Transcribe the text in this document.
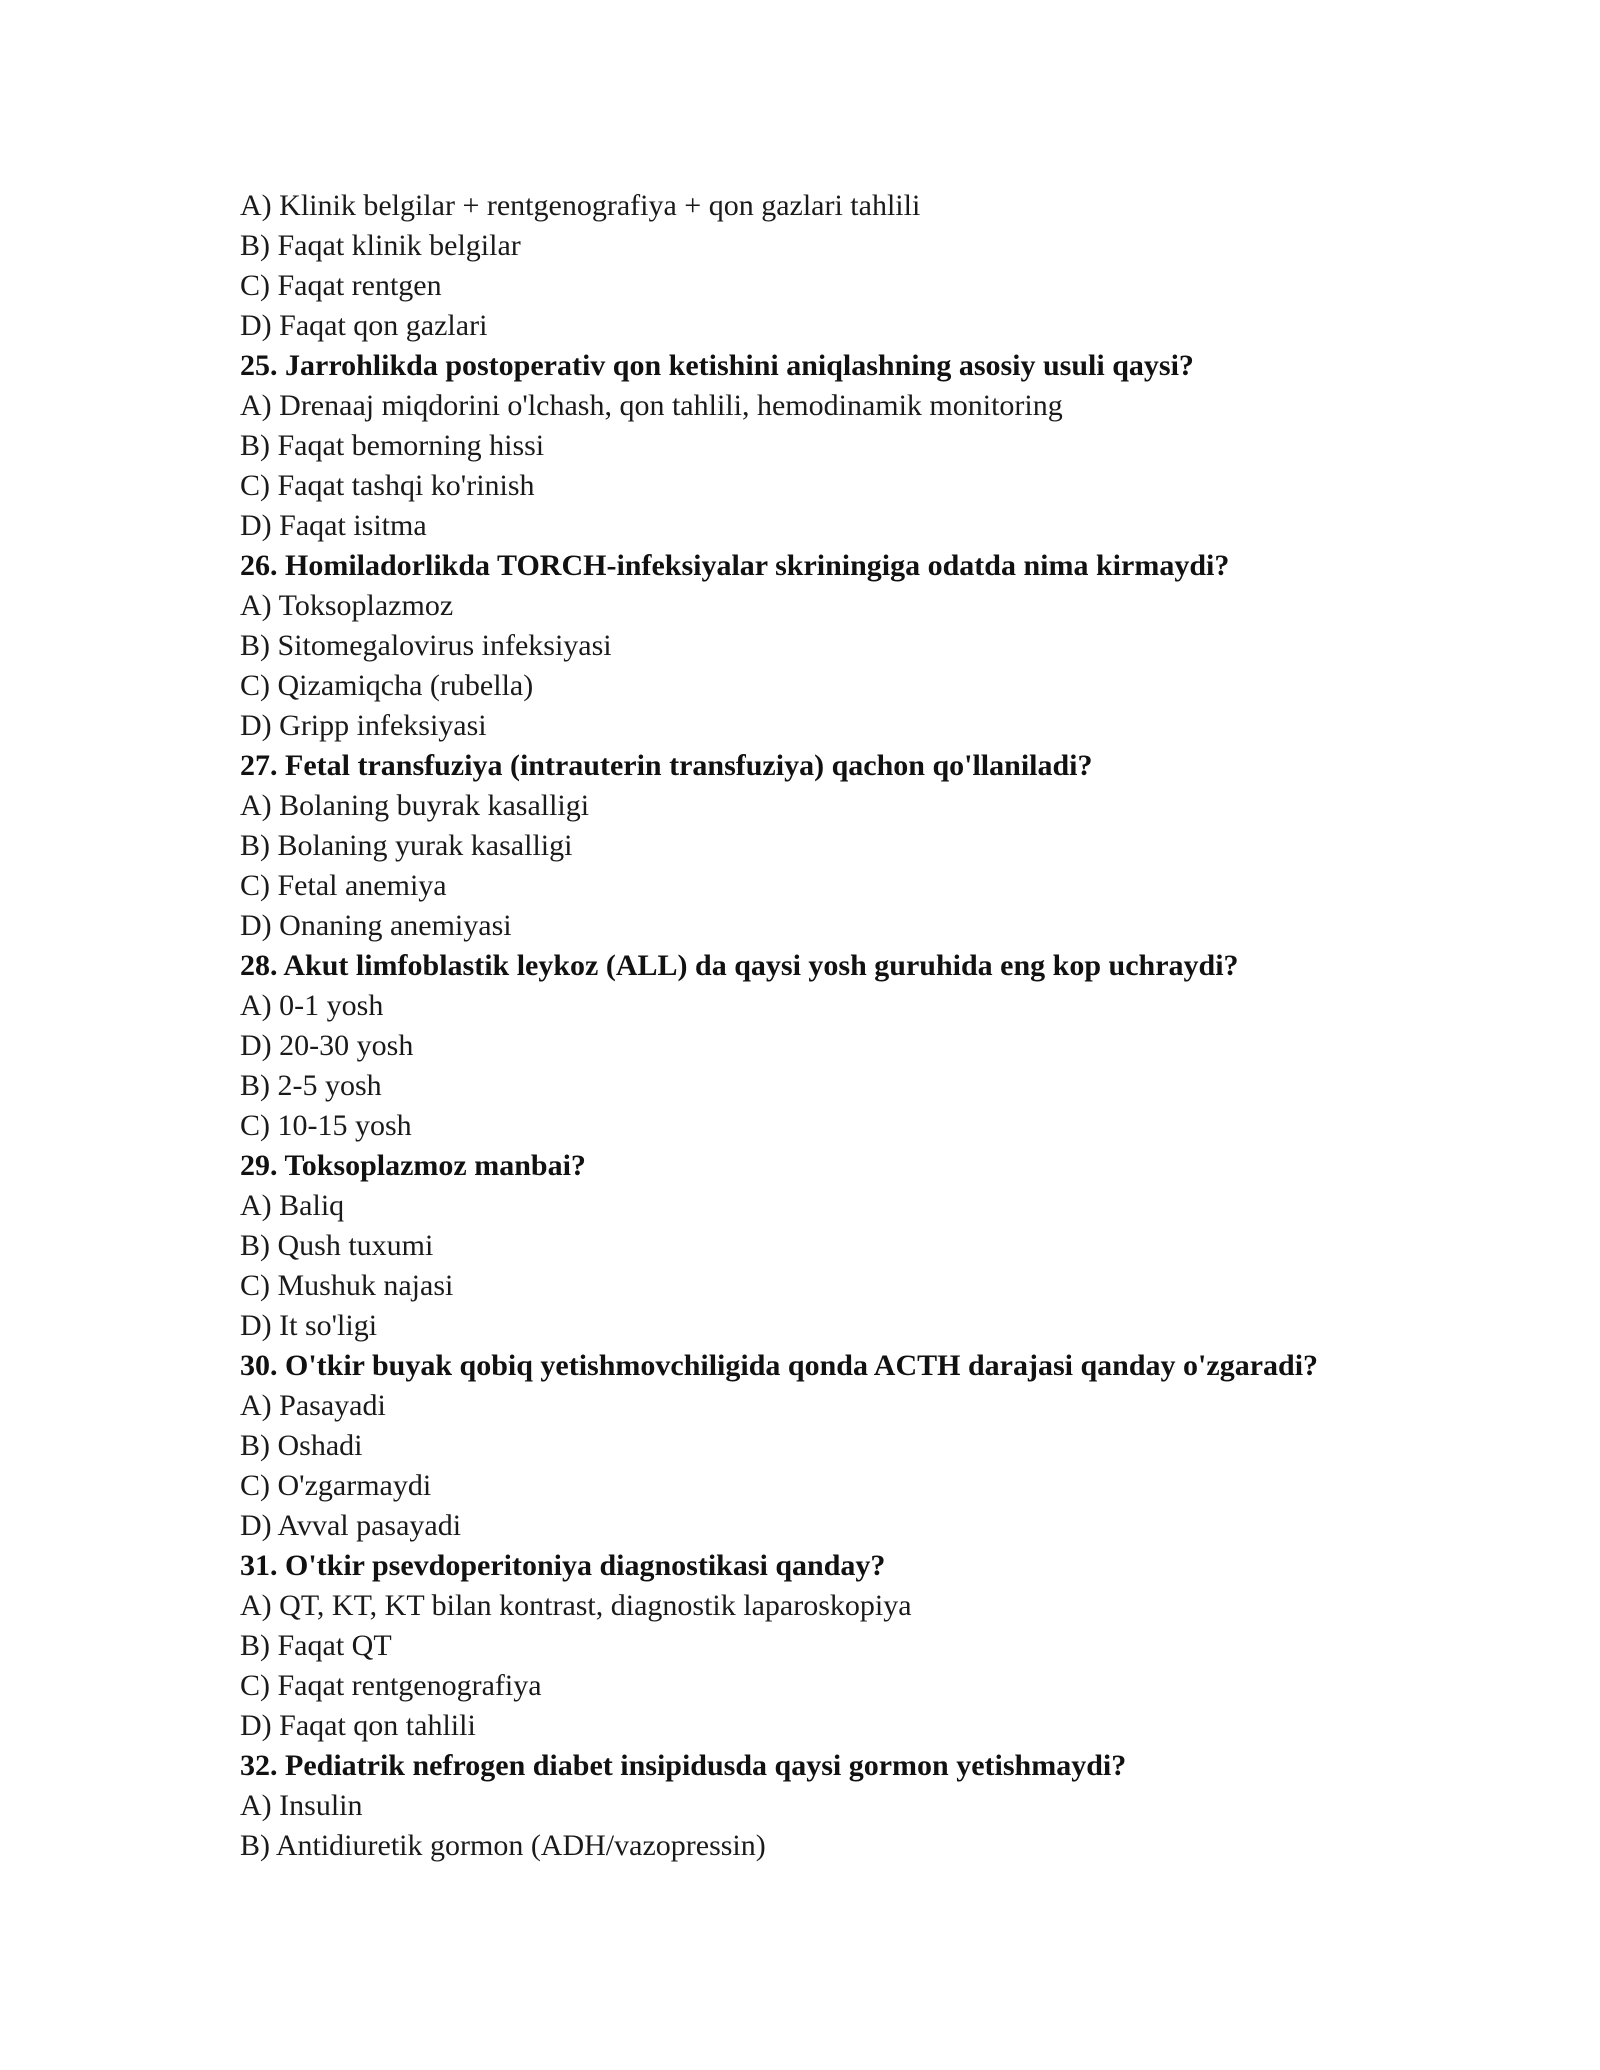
A) Klinik belgilar + rentgenografiya + qon gazlari tahlili
B) Faqat klinik belgilar
C) Faqat rentgen
D) Faqat qon gazlari
25. Jarrohlikda postoperativ qon ketishini aniqlashning asosiy usuli qaysi?
A) Drenaaj miqdorini o'lchash, qon tahlili, hemodinamik monitoring
B) Faqat bemorning hissi
C) Faqat tashqi ko'rinish
D) Faqat isitma
26. Homiladorlikda TORCH-infeksiyalar skriningiga odatda nima kirmaydi?
A) Toksoplazmoz
B) Sitomegalovirus infeksiyasi
C) Qizamiqcha (rubella)
D) Gripp infeksiyasi
27. Fetal transfuziya (intrauterin transfuziya) qachon qo'llaniladi?
A) Bolaning buyrak kasalligi
B) Bolaning yurak kasalligi
C) Fetal anemiya
D) Onaning anemiyasi
28. Akut limfoblastik leykoz (ALL) da qaysi yosh guruhida eng kop uchraydi?
A) 0-1 yosh
D) 20-30 yosh
B) 2-5 yosh
C) 10-15 yosh
29. Toksoplazmoz manbai?
A) Baliq
B) Qush tuxumi
C) Mushuk najasi
D) It so'ligi
30. O'tkir buyak qobiq yetishmovchiligida qonda ACTH darajasi qanday o'zgaradi?
A) Pasayadi
B) Oshadi
C) O'zgarmaydi
D) Avval pasayadi
31. O'tkir psevdoperitoniya diagnostikasi qanday?
A) QT, KT, KT bilan kontrast, diagnostik laparoskopiya
B) Faqat QT
C) Faqat rentgenografiya
D) Faqat qon tahlili
32. Pediatrik nefrogen diabet insipidusda qaysi gormon yetishmaydi?
A) Insulin
B) Antidiuretik gormon (ADH/vazopressin)
